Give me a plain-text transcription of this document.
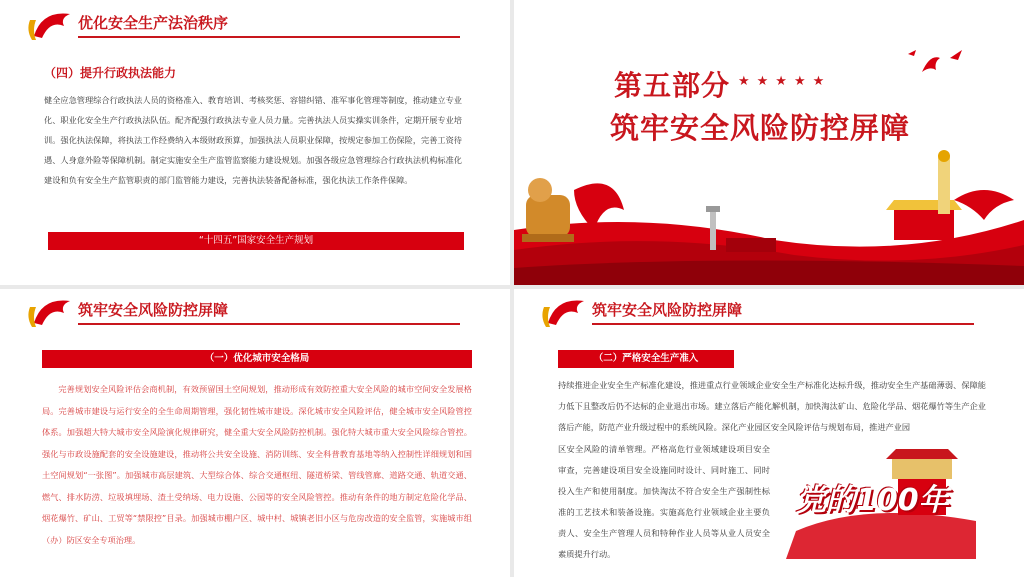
优化安全生产法治秩序
（四）提升行政执法能力
健全应急管理综合行政执法人员的资格准入、教育培训、考核奖惩、容错纠错、准军事化管理等制度，推动建立专业化、职业化安全生产行政执法队伍。配齐配强行政执法专业人员力量。完善执法人员实操实训条件，定期开展专业培训。强化执法保障，将执法工作经费纳入本级财政预算，加强执法人员职业保障，按规定参加工伤保险，完善工资待遇、人身意外险等保障机制。制定实施安全生产监管监察能力建设规划。加强各级应急管理综合行政执法机构标准化建设和负有安全生产监管职责的部门监管能力建设，完善执法装备配备标准，强化执法工作条件保障。
“十四五”国家安全生产规划
第五部分 ★★★★★
筑牢安全风险防控屏障
筑牢安全风险防控屏障
（一）优化城市安全格局
完善规划安全风险评估会商机制，有效预留国土空间规划，推动形成有效防控重大安全风险的城市空间安全发展格局。完善城市建设与运行安全的全生命周期管理，强化韧性城市建设。深化城市安全风险评估，健全城市安全风险管控体系。加强超大特大城市安全风险演化规律研究，健全重大安全风险防控机制。强化特大城市重大安全风险综合管控。强化与市政设施配套的安全设施建设，推动将公共安全设施、消防训练、安全科普教育基地等纳入控制性详细规划和国土空间规划“一张图”。加强城市高层建筑、大型综合体、综合交通枢纽、隧道桥梁、管线管廊、道路交通、轨道交通、燃气、排水防涝、垃圾填埋场、渣土受纳场、电力设施、公园等的安全风险管控。推动有条件的地方制定危险化学品、烟花爆竹、矿山、工贸等“禁限控”目录。加强城市棚户区、城中村、城镇老旧小区与危房改造的安全监管，实施城市组（办）防区安全专项治理。
筑牢安全风险防控屏障
（二）严格安全生产准入
持续推进企业安全生产标准化建设，推进重点行业领域企业安全生产标准化达标升级，推动安全生产基础薄弱、保障能力低下且整改后仍不达标的企业退出市场。建立落后产能化解机制，加快淘汰矿山、危险化学品、烟花爆竹等生产企业落后产能，防范产业升级过程中的系统风险。深化产业园区安全风险评估与规划布局，推进产业园
区安全风险的清单管理。严格高危行业领域建设项目安全审查，完善建设项目安全设施同时设计、同时施工、同时投入生产和使用制度。加快淘汰不符合安全生产强制性标准的工艺技术和装备设施。实施高危行业领域企业主要负责人、安全生产管理人员和特种作业人员等从业人员安全素质提升行动。
党的100年
